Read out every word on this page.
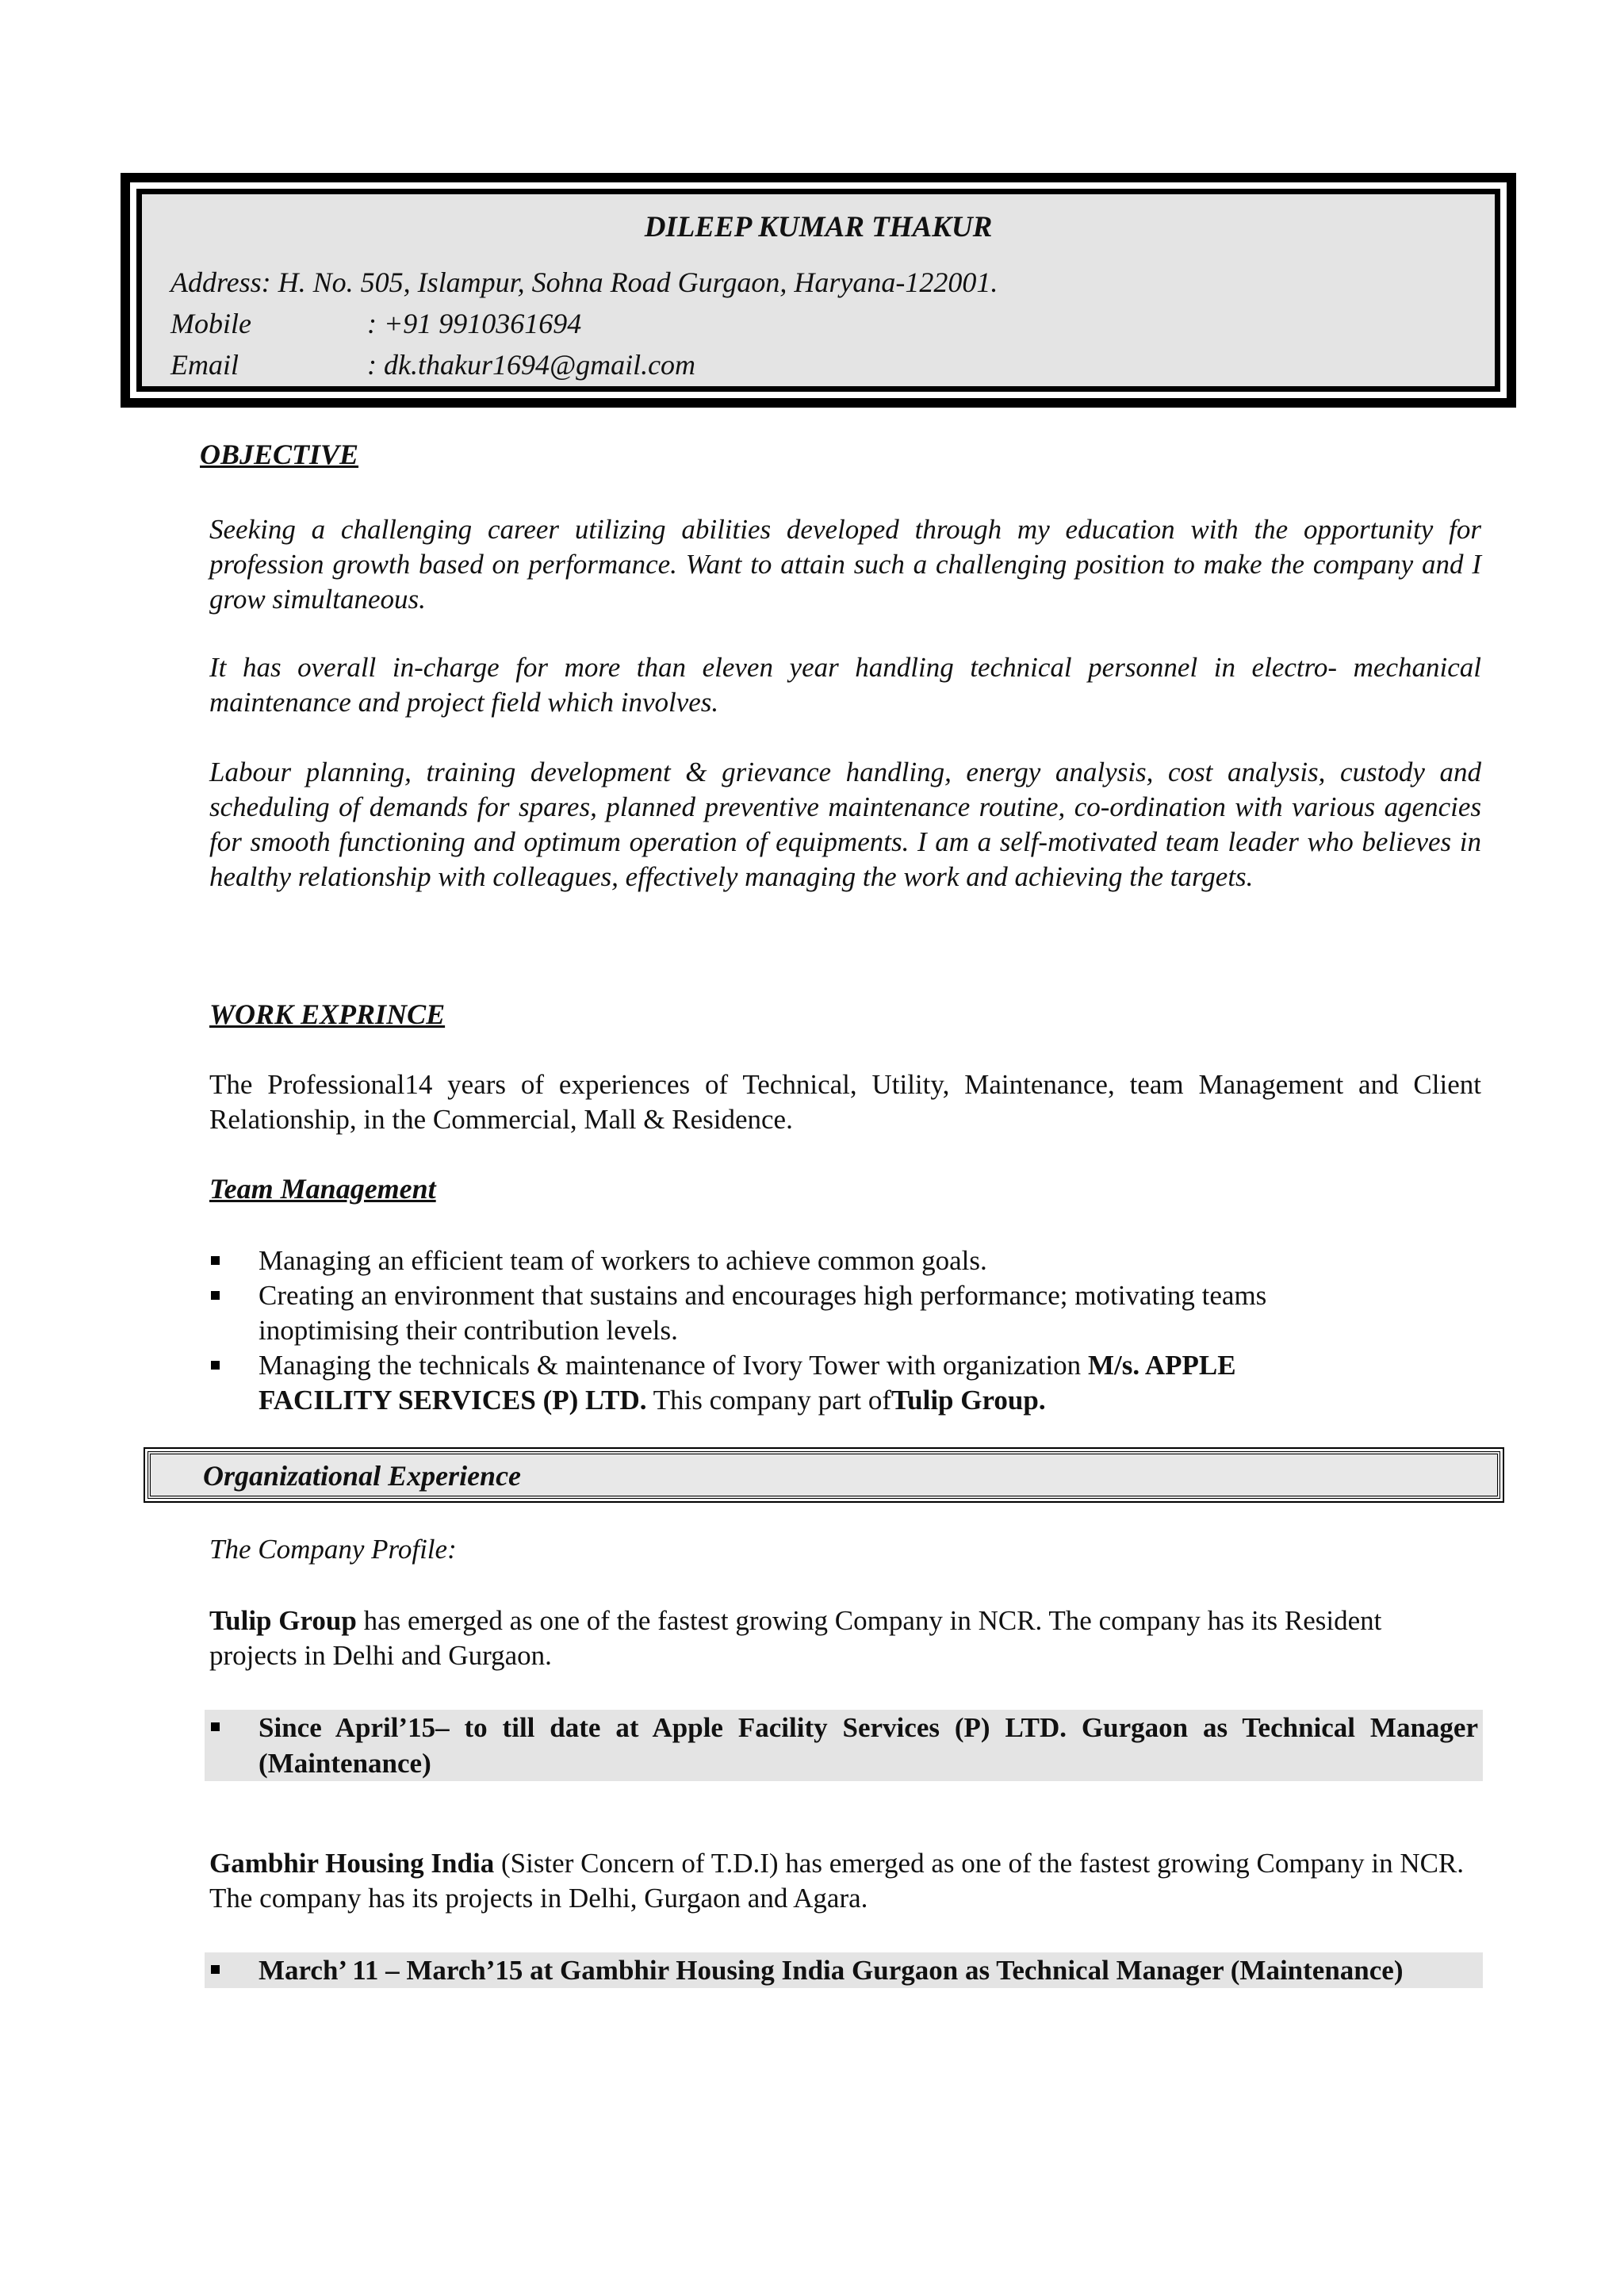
DILEEP KUMAR THAKUR
Address: H. No. 505, Islampur, Sohna Road Gurgaon, Haryana-122001.
Mobile	: +91 9910361694
Email	: dk.thakur1694@gmail.com
OBJECTIVE

Seeking a challenging career utilizing abilities developed through my education with the opportunity for profession growth based on performance. Want to attain such a challenging position to make the company and I grow simultaneous.

It has overall in-charge for more than eleven year handling technical personnel in electro- mechanical maintenance and project field which involves.

Labour planning, training development & grievance handling, energy analysis, cost analysis, custody and scheduling of demands for spares, planned preventive maintenance routine, co-ordination with various agencies for smooth functioning and optimum operation of equipments. I am a self-motivated team leader who believes in healthy relationship with colleagues, effectively managing the work and achieving the targets.

WORK EXPRINCE

The Professional14 years of experiences of Technical, Utility, Maintenance, team Management and Client Relationship, in the Commercial, Mall & Residence.

Team Management
Managing an efficient team of workers to achieve common goals.
Creating an environment that sustains and encourages high performance; motivating teams inoptimising their contribution levels.
Managing the technicals & maintenance of Ivory Tower with organization M/s. APPLE FACILITY SERVICES (P) LTD. This company part ofTulip Group.
Organizational Experience
The Company Profile:

Tulip Group has emerged as one of the fastest growing Company in NCR. The company has its Resident projects in Delhi and Gurgaon.

Since April’15– to till date at Apple Facility Services (P) LTD. Gurgaon as Technical Manager (Maintenance)

Gambhir Housing India (Sister Concern of T.D.I) has emerged as one of the fastest growing Company in NCR. The company has its projects in Delhi, Gurgaon and Agara.

March’ 11 – March’15 at Gambhir Housing India Gurgaon as Technical Manager (Maintenance)
